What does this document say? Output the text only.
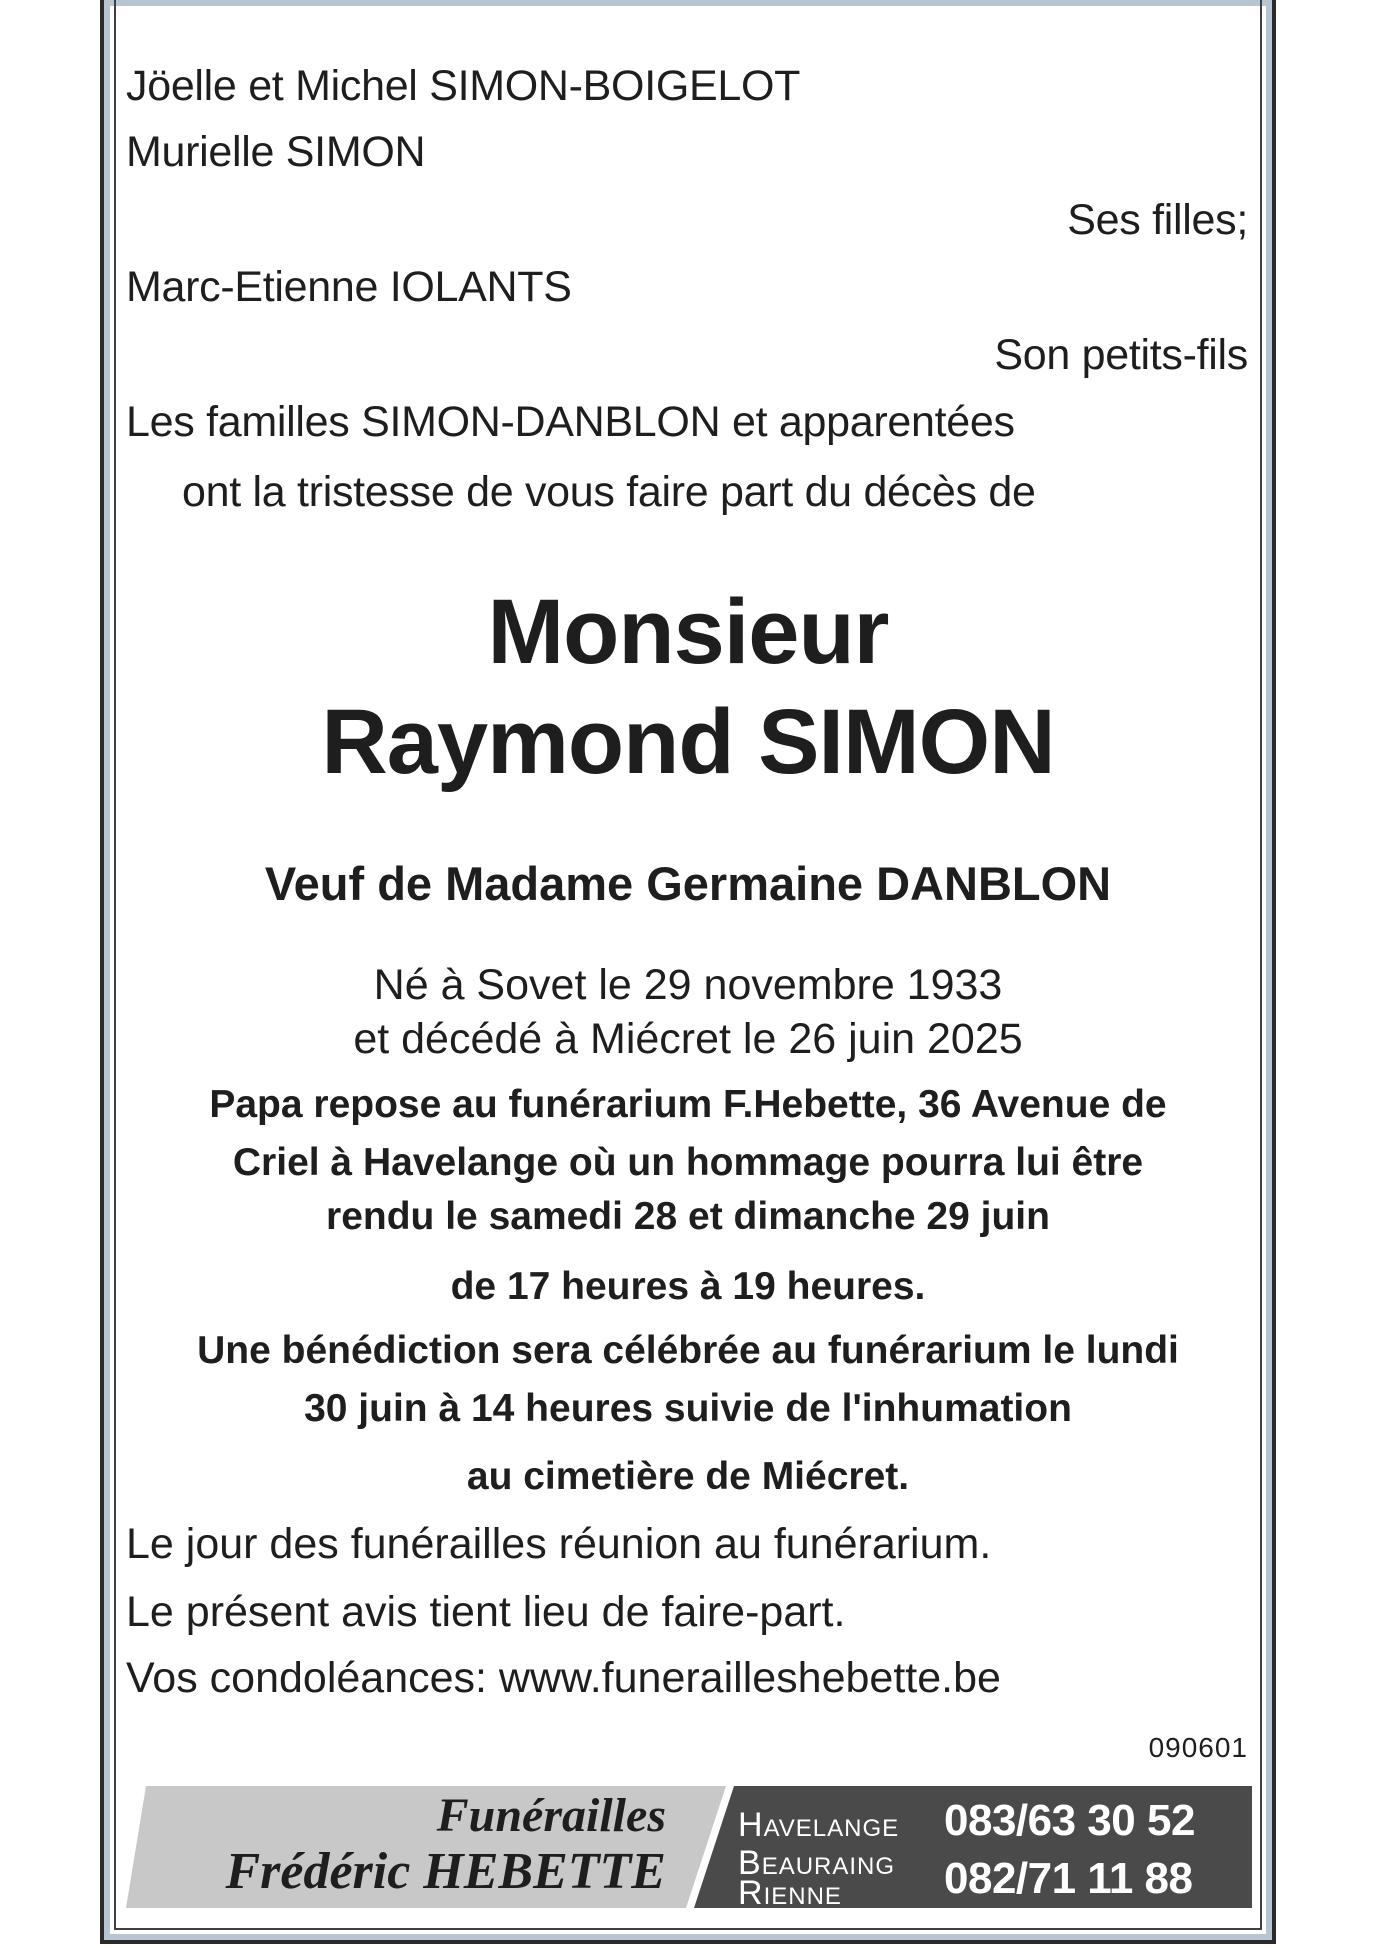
Jöelle et Michel SIMON-BOIGELOT
Murielle SIMON
Ses filles;
Marc-Etienne IOLANTS
Son petits-fils
Les familles SIMON-DANBLON et apparentées
ont la tristesse de vous faire part du décès de
Monsieur
Raymond SIMON
Veuf de Madame Germaine DANBLON
Né à Sovet le 29 novembre 1933
et décédé à Miécret le 26 juin 2025
Papa repose au funérarium F.Hebette, 36 Avenue de
Criel à Havelange où un hommage pourra lui être
rendu le samedi 28 et dimanche 29 juin
de 17 heures à 19 heures.
Une bénédiction sera célébrée au funérarium le lundi
30 juin à 14 heures suivie de l'inhumation
au cimetière de Miécret.
Le jour des funérailles réunion au funérarium.
Le présent avis tient lieu de faire-part.
Vos condoléances: www.funerailleshebette.be
090601
Funérailles
Frédéric HEBETTE
HAVELANGE 083/63 30 52
BEAURAING
RIENNE 082/71 11 88
